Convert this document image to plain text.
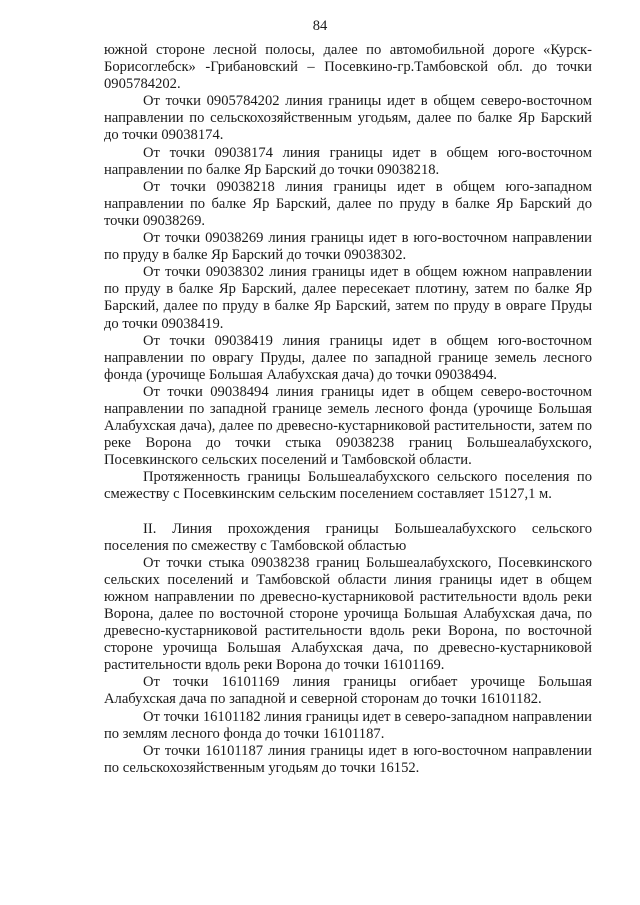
84

южной стороне лесной полосы, далее по автомобильной дороге «Курск-Борисоглебск» -Грибановский – Посевкино-гр.Тамбовской обл. до точки 0905784202.

От точки 0905784202 линия границы идет в общем северо-восточном направлении по сельскохозяйственным угодьям, далее по балке Яр Барский до точки 09038174.

От точки 09038174 линия границы идет в общем юго-восточном направлении по балке Яр Барский до точки 09038218.

От точки 09038218 линия границы идет в общем юго-западном направлении по балке Яр Барский, далее по пруду в балке Яр Барский до точки 09038269.

От точки 09038269 линия границы идет в юго-восточном направлении по пруду в балке Яр Барский до точки 09038302.

От точки 09038302 линия границы идет в общем южном направлении по пруду в балке Яр Барский, далее пересекает плотину, затем по балке Яр Барский, далее по пруду в балке Яр Барский, затем по пруду в овраге Пруды до точки 09038419.

От точки 09038419 линия границы идет в общем юго-восточном направлении по оврагу Пруды, далее по западной границе земель лесного фонда (урочище Большая Алабухская дача) до точки 09038494.

От точки 09038494 линия границы идет в общем северо-восточном направлении по западной границе земель лесного фонда (урочище Большая Алабухская дача), далее по древесно-кустарниковой растительности, затем по реке Ворона до точки стыка 09038238 границ Большеалабухского, Посевкинского сельских поселений и Тамбовской области.

Протяженность границы Большеалабухского сельского поселения по смежеству с Посевкинским сельским поселением составляет 15127,1 м.

II. Линия прохождения границы Большеалабухского сельского поселения по смежеству с Тамбовской областью

От точки стыка 09038238 границ Большеалабухского, Посевкинского сельских поселений и Тамбовской области линия границы идет в общем южном направлении по древесно-кустарниковой растительности вдоль реки Ворона, далее по восточной стороне урочища Большая Алабухская дача, по древесно-кустарниковой растительности вдоль реки Ворона, по восточной стороне урочища Большая Алабухская дача, по древесно-кустарниковой растительности вдоль реки Ворона до точки 16101169.

От точки 16101169 линия границы огибает урочище Большая Алабухская дача по западной и северной сторонам до точки 16101182.

От точки 16101182 линия границы идет в северо-западном направлении по землям лесного фонда до точки 16101187.

От точки 16101187 линия границы идет в юго-восточном направлении по сельскохозяйственным угодьям до точки 16152.
